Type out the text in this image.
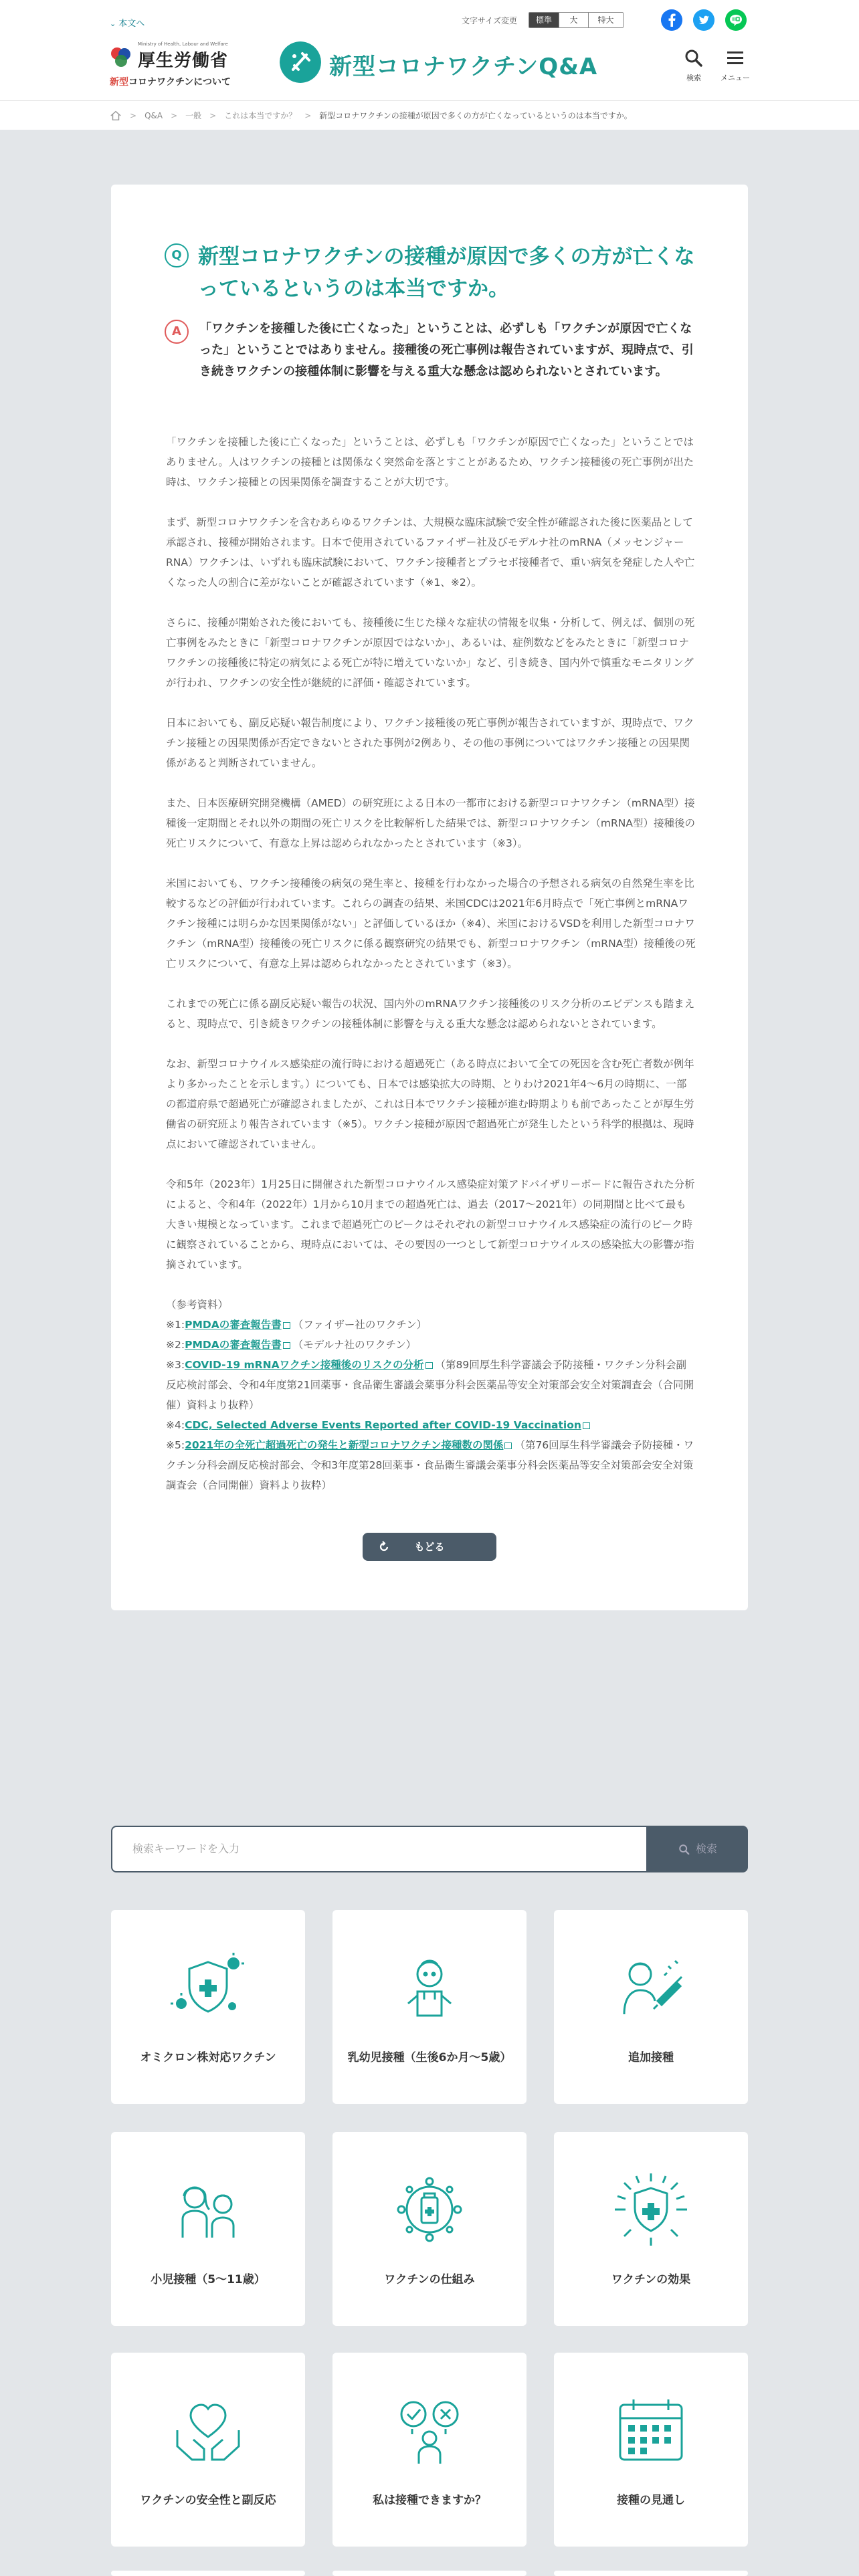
⌄ 本文へ
Ministry of Health, Labour and Welfare
厚生労働省
新型コロナワクチンについて
新型コロナワクチンQ&A
文字サイズ変更	標準	大	特大
検索	メニュー
> Q&A > 一般 > これは本当ですか？ > 新型コロナワクチンの接種が原因で多くの方が亡くなっているというのは本当ですか。
Q 新型コロナワクチンの接種が原因で多くの方が亡くなっているというのは本当ですか。
A	「ワクチンを接種した後に亡くなった」ということは、必ずしも「ワクチンが原因で亡くなった」ということではありません。接種後の死亡事例は報告されていますが、現時点で、引き続きワクチンの接種体制に影響を与える重大な懸念は認められないとされています。

「ワクチンを接種した後に亡くなった」ということは、必ずしも「ワクチンが原因で亡くなった」ということではありません。人はワクチンの接種とは関係なく突然命を落とすことがあるため、ワクチン接種後の死亡事例が出た時は、ワクチン接種との因果関係を調査することが大切です。

まず、新型コロナワクチンを含むあらゆるワクチンは、大規模な臨床試験で安全性が確認された後に医薬品として承認され、接種が開始されます。日本で使用されているファイザー社及びモデルナ社のmRNA（メッセンジャーRNA）ワクチンは、いずれも臨床試験において、ワクチン接種者とプラセボ接種者で、重い病気を発症した人や亡くなった人の割合に差がないことが確認されています（※1、※2）。

さらに、接種が開始された後においても、接種後に生じた様々な症状の情報を収集・分析して、例えば、個別の死亡事例をみたときに「新型コロナワクチンが原因ではないか」、あるいは、症例数などをみたときに「新型コロナワクチンの接種後に特定の病気による死亡が特に増えていないか」など、引き続き、国内外で慎重なモニタリングが行われ、ワクチンの安全性が継続的に評価・確認されています。

日本においても、副反応疑い報告制度により、ワクチン接種後の死亡事例が報告されていますが、現時点で、ワクチン接種との因果関係が否定できないとされた事例が2例あり、その他の事例についてはワクチン接種との因果関係があると判断されていません。

また、日本医療研究開発機構（AMED）の研究班による日本の一都市における新型コロナワクチン（mRNA型）接種後一定期間とそれ以外の期間の死亡リスクを比較解析した結果では、新型コロナワクチン（mRNA型）接種後の死亡リスクについて、有意な上昇は認められなかったとされています（※3）。

米国においても、ワクチン接種後の病気の発生率と、接種を行わなかった場合の予想される病気の自然発生率を比較するなどの評価が行われています。これらの調査の結果、米国CDCは2021年6月時点で「死亡事例とmRNAワクチン接種には明らかな因果関係がない」と評価しているほか（※4）、米国におけるVSDを利用した新型コロナワクチン（mRNA型）接種後の死亡リスクに係る観察研究の結果でも、新型コロナワクチン（mRNA型）接種後の死亡リスクについて、有意な上昇は認められなかったとされています（※3）。

これまでの死亡に係る副反応疑い報告の状況、国内外のmRNAワクチン接種後のリスク分析のエビデンスも踏まえると、現時点で、引き続きワクチンの接種体制に影響を与える重大な懸念は認められないとされています。

なお、新型コロナウイルス感染症の流行時における超過死亡（ある時点において全ての死因を含む死亡者数が例年より多かったことを示します。）についても、日本では感染拡大の時期、とりわけ2021年4〜6月の時期に、一部の都道府県で超過死亡が確認されましたが、これは日本でワクチン接種が進む時期よりも前であったことが厚生労働省の研究班より報告されています（※5）。ワクチン接種が原因で超過死亡が発生したという科学的根拠は、現時点において確認されていません。

令和5年（2023年）1月25日に開催された新型コロナウイルス感染症対策アドバイザリーボードに報告された分析によると、令和4年（2022年）1月から10月までの超過死亡は、過去（2017〜2021年）の同期間と比べて最も大きい規模となっています。これまで超過死亡のピークはそれぞれの新型コロナウイルス感染症の流行のピーク時に観察されていることから、現時点においては、その要因の一つとして新型コロナウイルスの感染拡大の影響が指摘されています。

（参考資料）
※1:PMDAの審査報告書 （ファイザー社のワクチン）
※2:PMDAの審査報告書 （モデルナ社のワクチン）
※3:COVID-19 mRNAワクチン接種後のリスクの分析 （第89回厚生科学審議会予防接種・ワクチン分科会副反応検討部会、令和4年度第21回薬事・食品衛生審議会薬事分科会医薬品等安全対策部会安全対策調査会（合同開催）資料より抜粋）
※4:CDC, Selected Adverse Events Reported after COVID-19 Vaccination
※5:2021年の全死亡超過死亡の発生と新型コロナワクチン接種数の関係 （第76回厚生科学審議会予防接種・ワクチン分科会副反応検討部会、令和3年度第28回薬事・食品衛生審議会薬事分科会医薬品等安全対策部会安全対策調査会（合同開催）資料より抜粋）
もどる
検索キーワードを入力	検索
オミクロン株対応ワクチン	乳幼児接種（生後6か月〜5歳）	追加接種
小児接種（5〜11歳）	ワクチンの仕組み	ワクチンの効果
ワクチンの安全性と副反応	私は接種できますか？	接種の見通し
